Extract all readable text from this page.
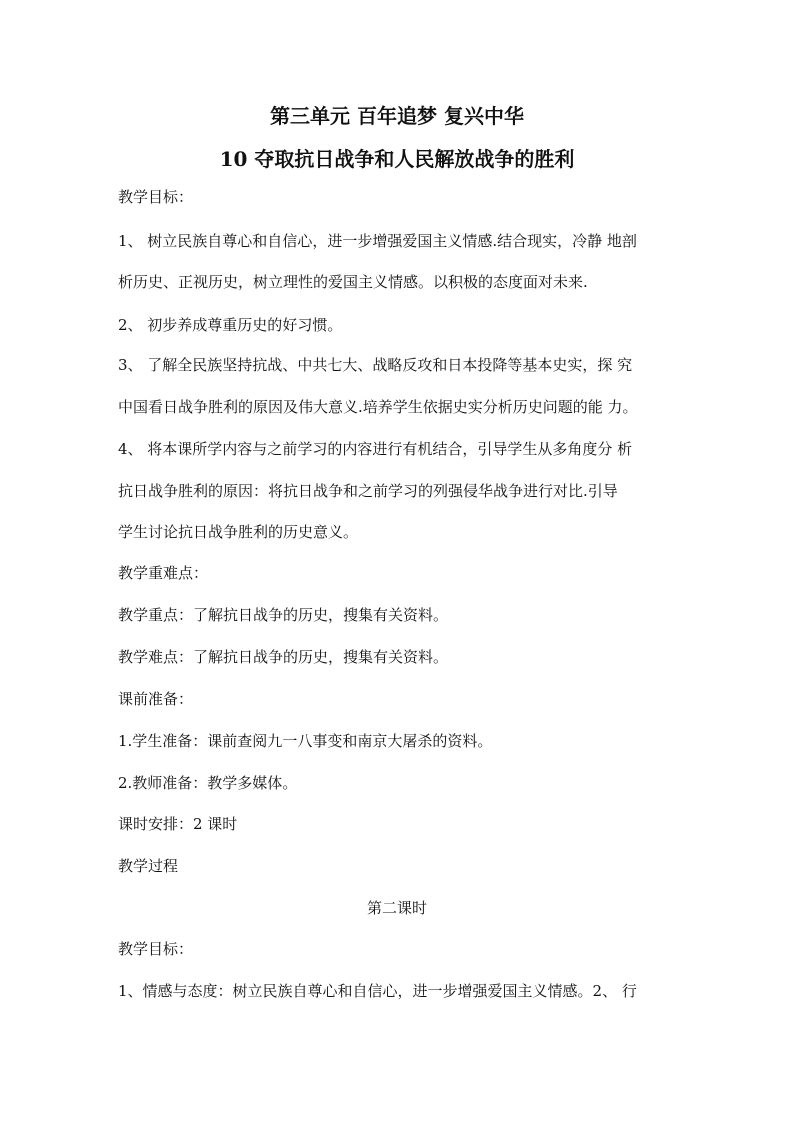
第三单元 百年追梦 复兴中华
10 夺取抗日战争和人民解放战争的胜利
教学目标：
1、 树立民族自尊心和自信心，进一步增强爱国主义情感.结合现实，冷静 地剖
析历史、正视历史，树立理性的爱国主义情感。以积极的态度面对未来.
2、 初步养成尊重历史的好习惯。
3、 了解全民族坚持抗战、中共七大、战略反攻和日本投降等基本史实，探 究
中国看日战争胜利的原因及伟大意义.培养学生依据史实分析历史问题的能 力。
4、 将本课所学内容与之前学习的内容进行有机结合，引导学生从多角度分 析
抗日战争胜利的原因：将抗日战争和之前学习的列强侵华战争进行对比.引导
学生讨论抗日战争胜利的历史意义。
教学重难点：
教学重点：了解抗日战争的历史，搜集有关资料。
教学难点：了解抗日战争的历史，搜集有关资料。
课前准备：
1.学生准备：课前查阅九一八事变和南京大屠杀的资料。
2.教师准备：教学多媒体。
课时安排：2 课时
教学过程
第二课时
教学目标：
1、情感与态度：树立民族自尊心和自信心，进一步增强爱国主义情感。2、 行
